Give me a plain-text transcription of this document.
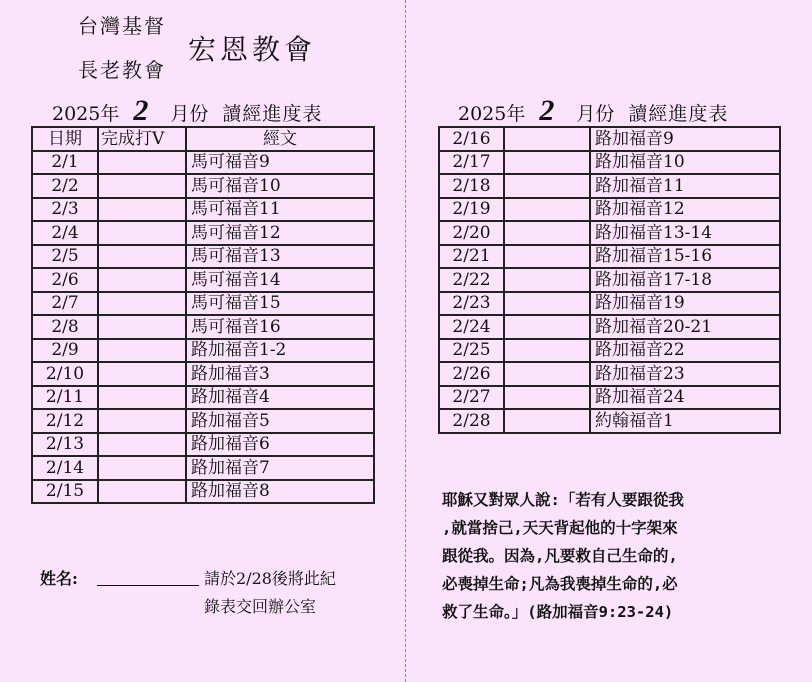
台灣基督
長老教會
宏恩教會
2025年 2 月份 讀經進度表	2025年 2 月份 讀經進度表
日期	完成打V	經文
2/1		馬可福音9
2/2		馬可福音10
2/3		馬可福音11
2/4		馬可福音12
2/5		馬可福音13
2/6		馬可福音14
2/7		馬可福音15
2/8		馬可福音16
2/9		路加福音1-2
2/10		路加福音3
2/11		路加福音4
2/12		路加福音5
2/13		路加福音6
2/14		路加福音7
2/15		路加福音8
2/16		路加福音9
2/17		路加福音10
2/18		路加福音11
2/19		路加福音12
2/20		路加福音13-14
2/21		路加福音15-16
2/22		路加福音17-18
2/23		路加福音19
2/24		路加福音20-21
2/25		路加福音22
2/26		路加福音23
2/27		路加福音24
2/28		約翰福音1
姓名:	請於2/28後將此紀
錄表交回辦公室
耶穌又對眾人說:「若有人要跟從我
,就當捨己,天天背起他的十字架來
跟從我。因為,凡要救自己生命的,
必喪掉生命;凡為我喪掉生命的,必
救了生命。」(路加福音9:23-24)
